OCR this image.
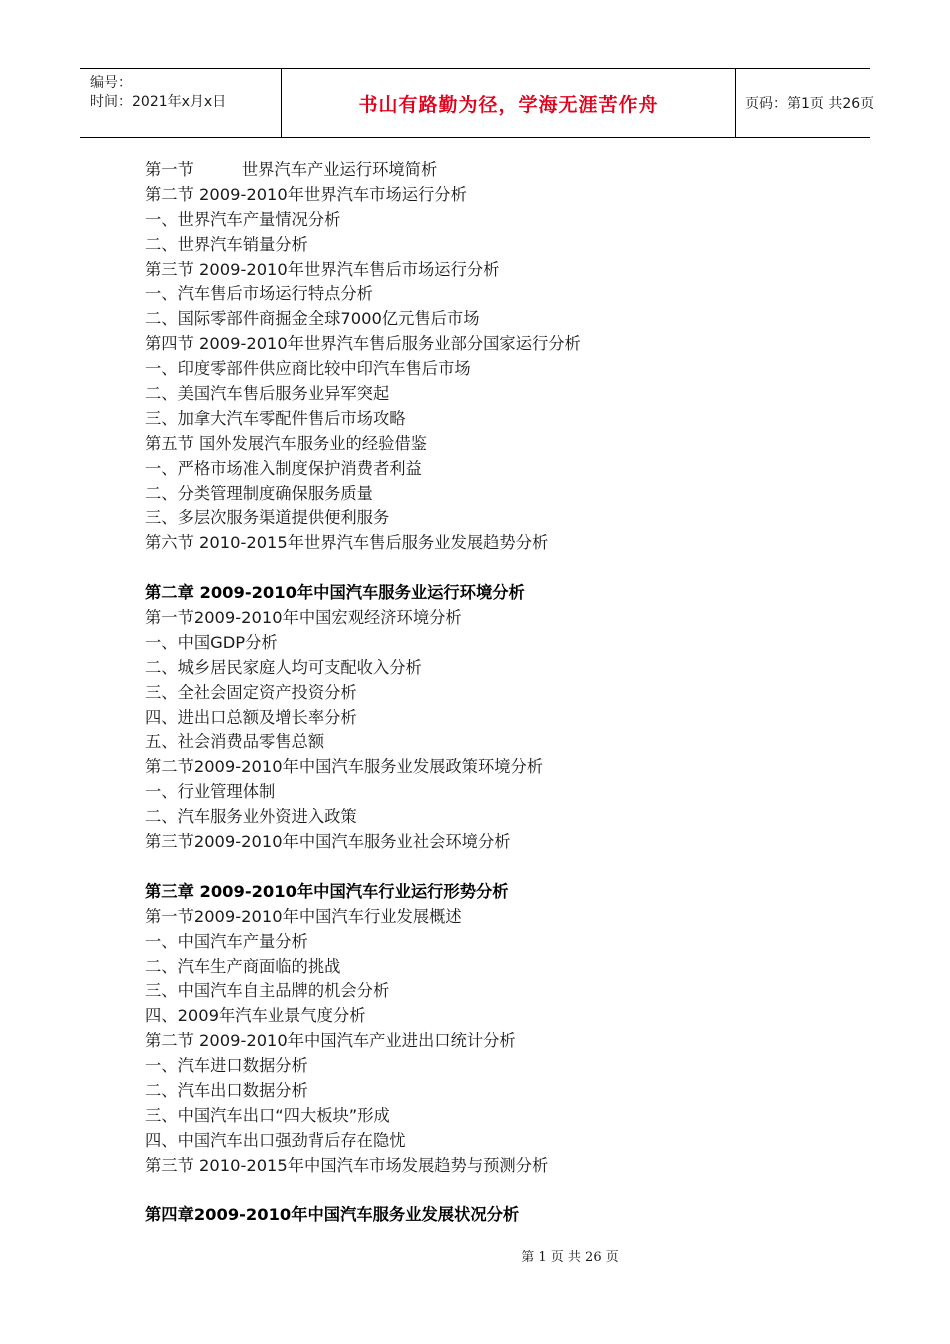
编号：
时间：2021年x月x日	书山有路勤为径，学海无涯苦作舟	页码：第1页 共26页
第一节	世界汽车产业运行环境简析
第二节 2009-2010年世界汽车市场运行分析
一、世界汽车产量情况分析
二、世界汽车销量分析
第三节 2009-2010年世界汽车售后市场运行分析
一、汽车售后市场运行特点分析
二、国际零部件商掘金全球7000亿元售后市场
第四节 2009-2010年世界汽车售后服务业部分国家运行分析
一、印度零部件供应商比较中印汽车售后市场
二、美国汽车售后服务业异军突起
三、加拿大汽车零配件售后市场攻略
第五节 国外发展汽车服务业的经验借鉴
一、严格市场准入制度保护消费者利益
二、分类管理制度确保服务质量
三、多层次服务渠道提供便利服务
第六节 2010-2015年世界汽车售后服务业发展趋势分析
第二章 2009-2010年中国汽车服务业运行环境分析
第一节2009-2010年中国宏观经济环境分析
一、中国GDP分析
二、城乡居民家庭人均可支配收入分析
三、全社会固定资产投资分析
四、进出口总额及增长率分析
五、社会消费品零售总额
第二节2009-2010年中国汽车服务业发展政策环境分析
一、行业管理体制
二、汽车服务业外资进入政策
第三节2009-2010年中国汽车服务业社会环境分析
第三章 2009-2010年中国汽车行业运行形势分析
第一节2009-2010年中国汽车行业发展概述
一、中国汽车产量分析
二、汽车生产商面临的挑战
三、中国汽车自主品牌的机会分析
四、2009年汽车业景气度分析
第二节 2009-2010年中国汽车产业进出口统计分析
一、汽车进口数据分析
二、汽车出口数据分析
三、中国汽车出口“四大板块”形成
四、中国汽车出口强劲背后存在隐忧
第三节 2010-2015年中国汽车市场发展趋势与预测分析
第四章2009-2010年中国汽车服务业发展状况分析
第 1 页 共 26 页
